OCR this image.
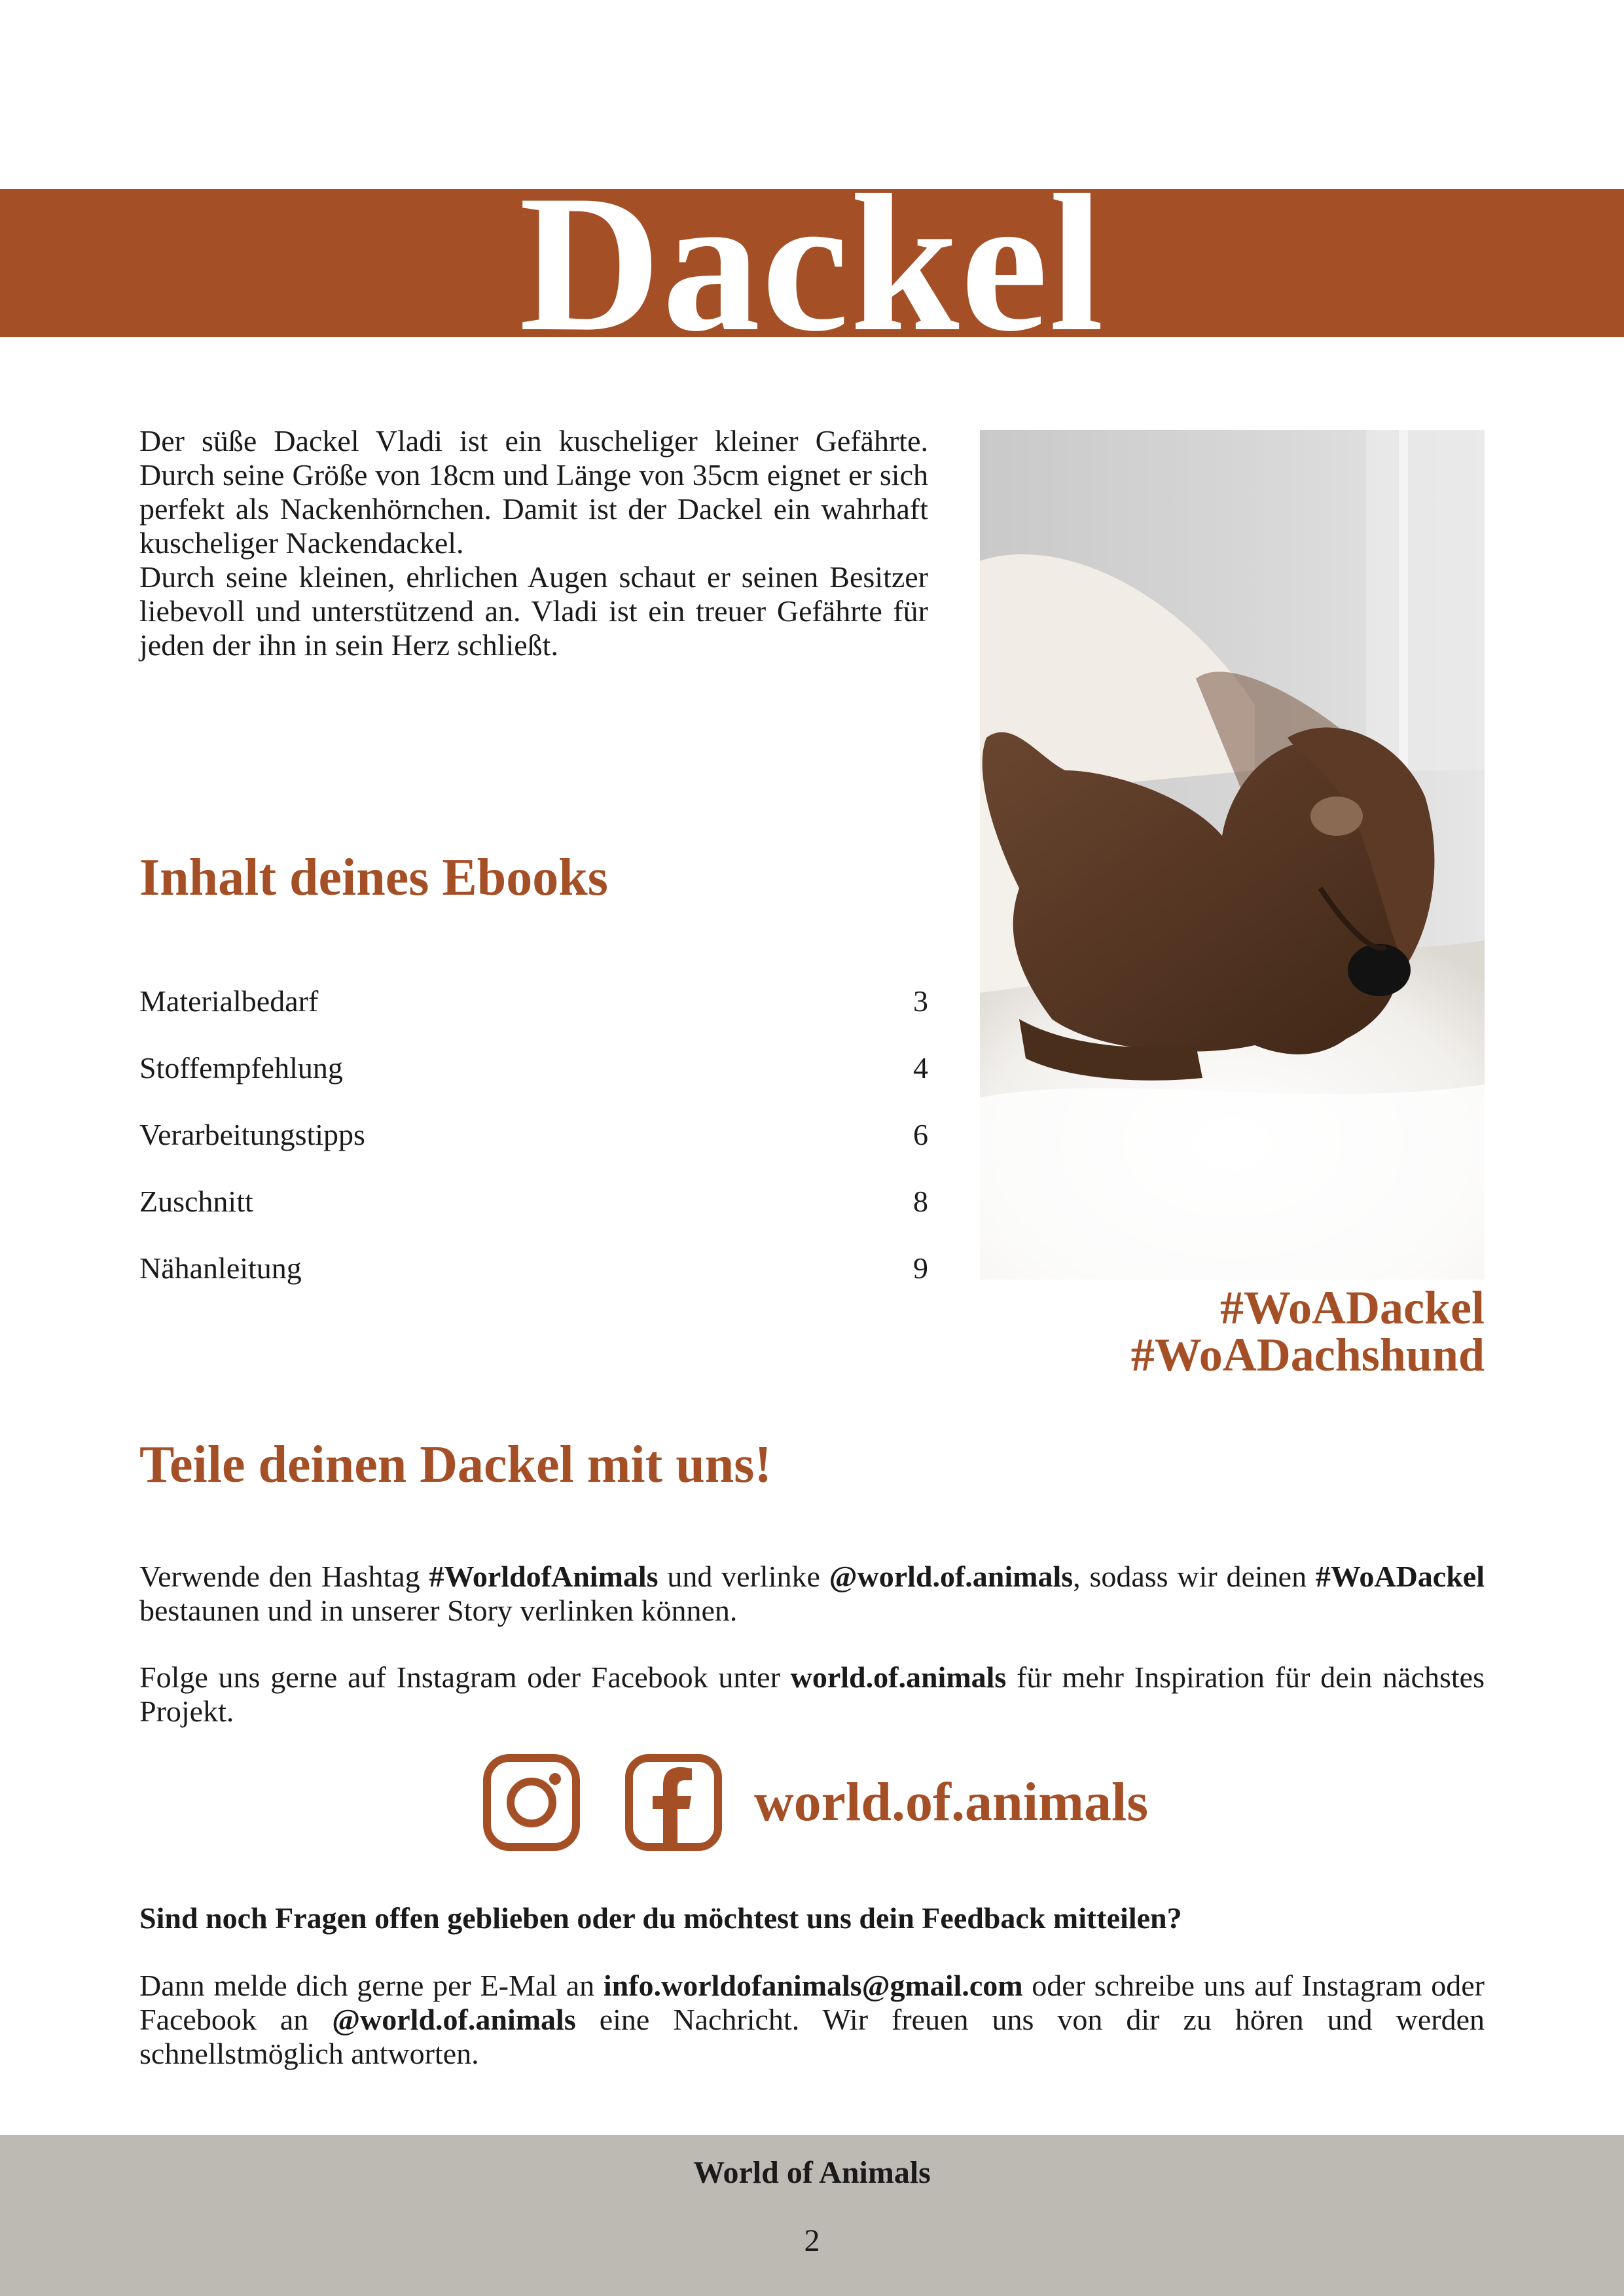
Dackel

Der süße Dackel Vladi ist ein kuscheliger kleiner Gefährte. Durch seine Größe von 18cm und Länge von 35cm eignet er sich perfekt als Nackenhörnchen. Damit ist der Dackel ein wahrhaft kuscheliger Nackendackel.

Durch seine kleinen, ehrlichen Augen schaut er seinen Besitzer liebevoll und unterstützend an. Vladi ist ein treuer Gefährte für jeden der ihn in sein Herz schließt.

#WoADackel
#WoADachshund
Inhalt deines Ebooks
Materialbedarf	3
Stoffempfehlung	4
Verarbeitungstipps	6
Zuschnitt	8
Nähanleitung	9
Teile deinen Dackel mit uns!

Verwende den Hashtag #WorldofAnimals und verlinke @world.of.animals, sodass wir deinen #WoADackel bestaunen und in unserer Story verlinken können.

Folge uns gerne auf Instagram oder Facebook unter world.of.animals für mehr Inspiration für dein nächstes Projekt.

world.of.animals

Sind noch Fragen offen geblieben oder du möchtest uns dein Feedback mitteilen?

Dann melde dich gerne per E-Mal an info.worldofanimals@gmail.com oder schreibe uns auf Instagram oder Facebook an @world.of.animals eine Nachricht. Wir freuen uns von dir zu hören und werden schnellstmöglich antworten.

World of Animals
2
